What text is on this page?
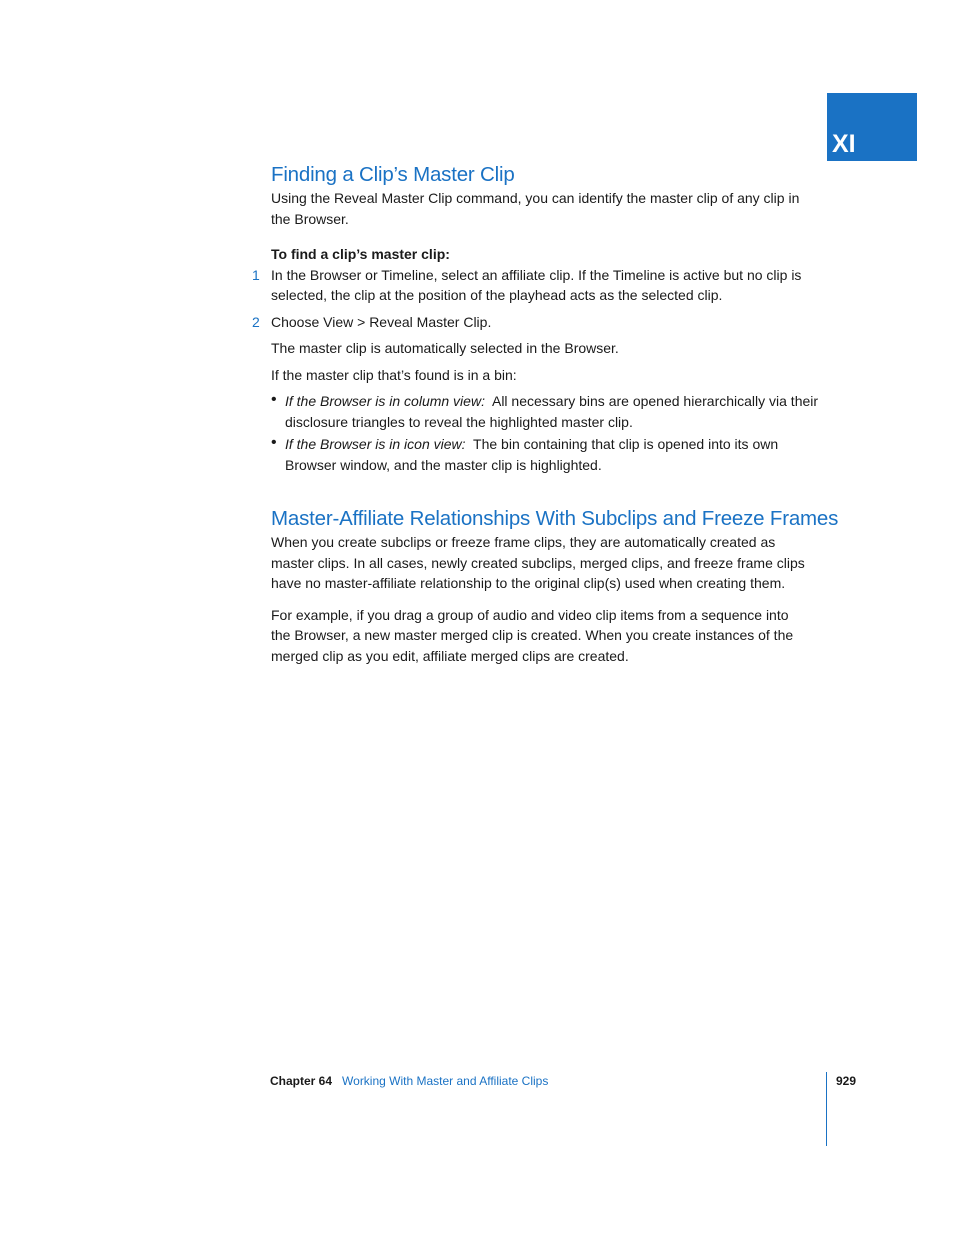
XI
Finding a Clip’s Master Clip

Using the Reveal Master Clip command, you can identify the master clip of any clip in
the Browser.

To find a clip’s master clip:

1 In the Browser or Timeline, select an affiliate clip. If the Timeline is active but no clip is selected, the clip at the position of the playhead acts as the selected clip.

2 Choose View > Reveal Master Clip.

The master clip is automatically selected in the Browser.

If the master clip that’s found is in a bin:

• If the Browser is in column view: All necessary bins are opened hierarchically via their disclosure triangles to reveal the highlighted master clip.

• If the Browser is in icon view: The bin containing that clip is opened into its own Browser window, and the master clip is highlighted.

Master-Affiliate Relationships With Subclips and Freeze Frames

When you create subclips or freeze frame clips, they are automatically created as
master clips. In all cases, newly created subclips, merged clips, and freeze frame clips
have no master-affiliate relationship to the original clip(s) used when creating them.

For example, if you drag a group of audio and video clip items from a sequence into
the Browser, a new master merged clip is created. When you create instances of the
merged clip as you edit, affiliate merged clips are created.

Chapter 64 Working With Master and Affiliate Clips	929
